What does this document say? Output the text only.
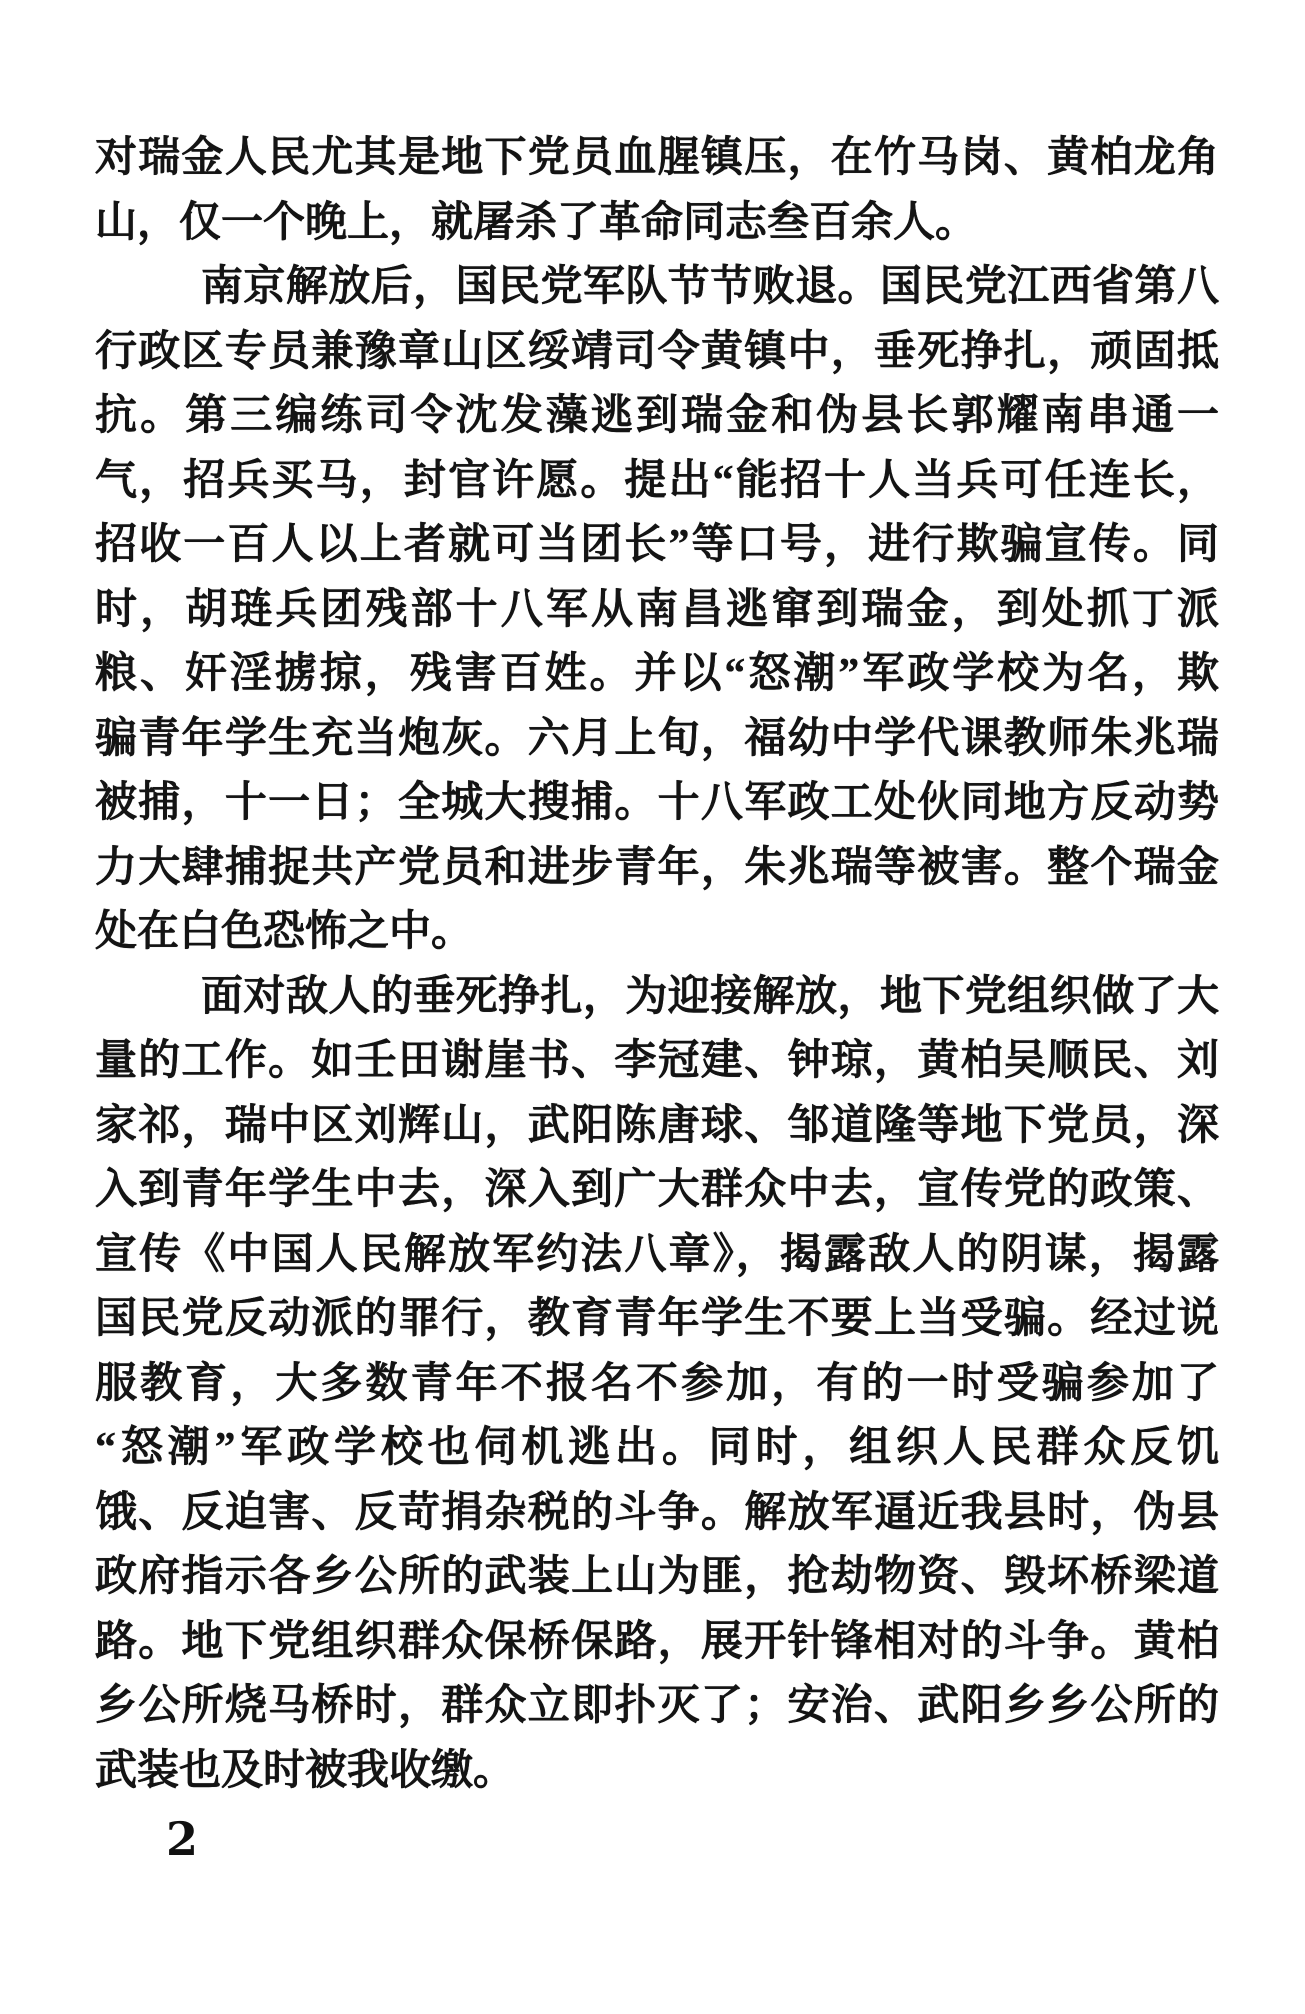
对瑞金人民尤其是地下党员血腥镇压，在竹马岗、黄柏龙角
山，仅一个晚上，就屠杀了革命同志叁百余人。
南京解放后，国民党军队节节败退。国民党江西省第八
行政区专员兼豫章山区绥靖司令黄镇中，垂死挣扎，顽固抵
抗。第三编练司令沈发藻逃到瑞金和伪县长郭耀南串通一
气，招兵买马，封官许愿。提出“能招十人当兵可任连长，
招收一百人以上者就可当团长”等口号，进行欺骗宣传。同
时，胡琏兵团残部十八军从南昌逃窜到瑞金，到处抓丁派
粮、奸淫掳掠，残害百姓。并以“怒潮”军政学校为名，欺
骗青年学生充当炮灰。六月上旬，福幼中学代课教师朱兆瑞
被捕，十一日；全城大搜捕。十八军政工处伙同地方反动势
力大肆捕捉共产党员和进步青年，朱兆瑞等被害。整个瑞金
处在白色恐怖之中。
面对敌人的垂死挣扎，为迎接解放，地下党组织做了大
量的工作。如壬田谢崖书、李冠建、钟琼，黄柏吴顺民、刘
家祁，瑞中区刘辉山，武阳陈唐球、邹道隆等地下党员，深
入到青年学生中去，深入到广大群众中去，宣传党的政策、
宣传《中国人民解放军约法八章》，揭露敌人的阴谋，揭露
国民党反动派的罪行，教育青年学生不要上当受骗。经过说
服教育，大多数青年不报名不参加，有的一时受骗参加了
“怒潮”军政学校也伺机逃出。同时，组织人民群众反饥
饿、反迫害、反苛捐杂税的斗争。解放军逼近我县时，伪县
政府指示各乡公所的武装上山为匪，抢劫物资、毁坏桥梁道
路。地下党组织群众保桥保路，展开针锋相对的斗争。黄柏
乡公所烧马桥时，群众立即扑灭了；安治、武阳乡乡公所的
武装也及时被我收缴。
2
